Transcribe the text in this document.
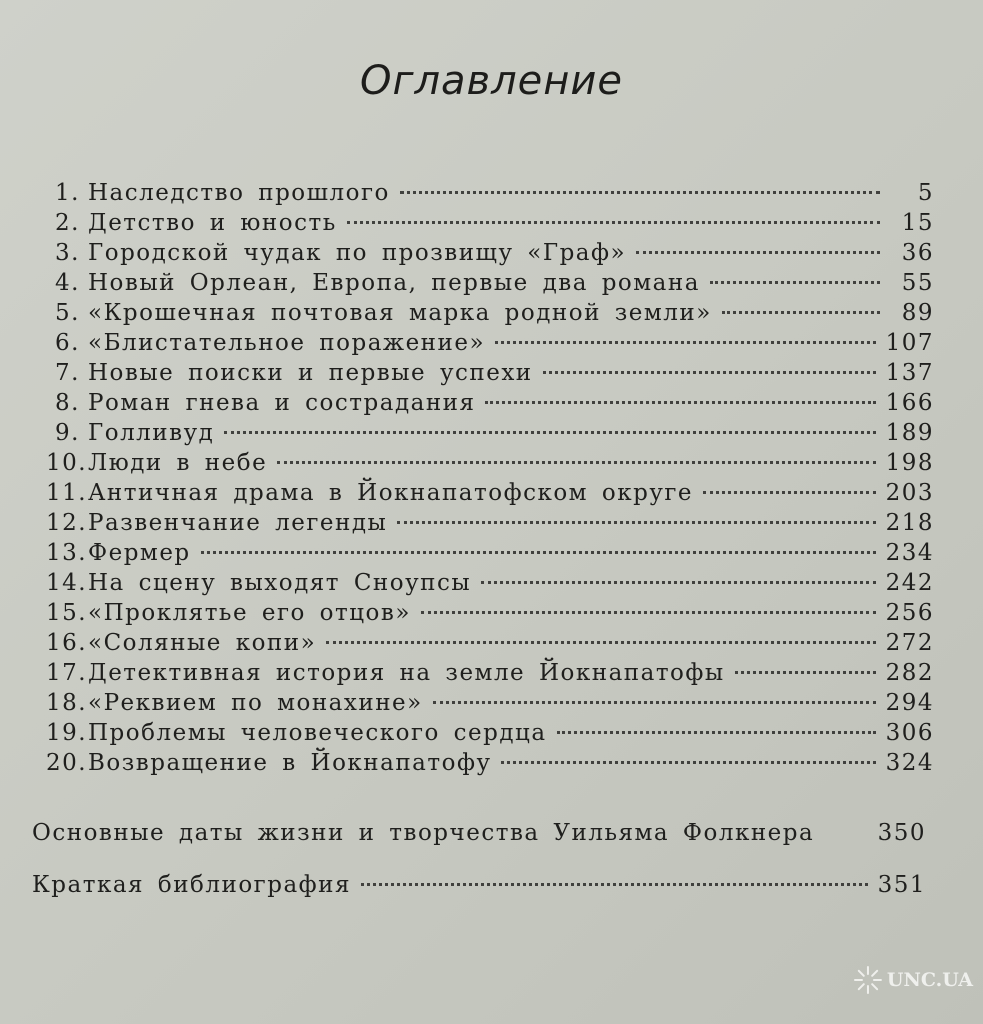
Оглавление
1. Наследство прошлого	5
2. Детство и юность	15
3. Городской чудак по прозвищу «Граф»	36
4. Новый Орлеан, Европа, первые два романа	55
5. «Крошечная почтовая марка родной земли»	89
6. «Блистательное поражение»	107
7. Новые поиски и первые успехи	137
8. Роман гнева и сострадания	166
9. Голливуд	189
10. Люди в небе	198
11. Античная драма в Йокнапатофском округе	203
12. Развенчание легенды	218
13. Фермер	234
14. На сцену выходят Сноупсы	242
15. «Проклятье его отцов»	256
16. «Соляные копи»	272
17. Детективная история на земле Йокнапатофы	282
18. «Реквием по монахине»	294
19. Проблемы человеческого сердца	306
20. Возвращение в Йокнапатофу	324
Основные даты жизни и творчества Уильяма Фолкнера	350
Краткая библиография	351
UNC.UA
